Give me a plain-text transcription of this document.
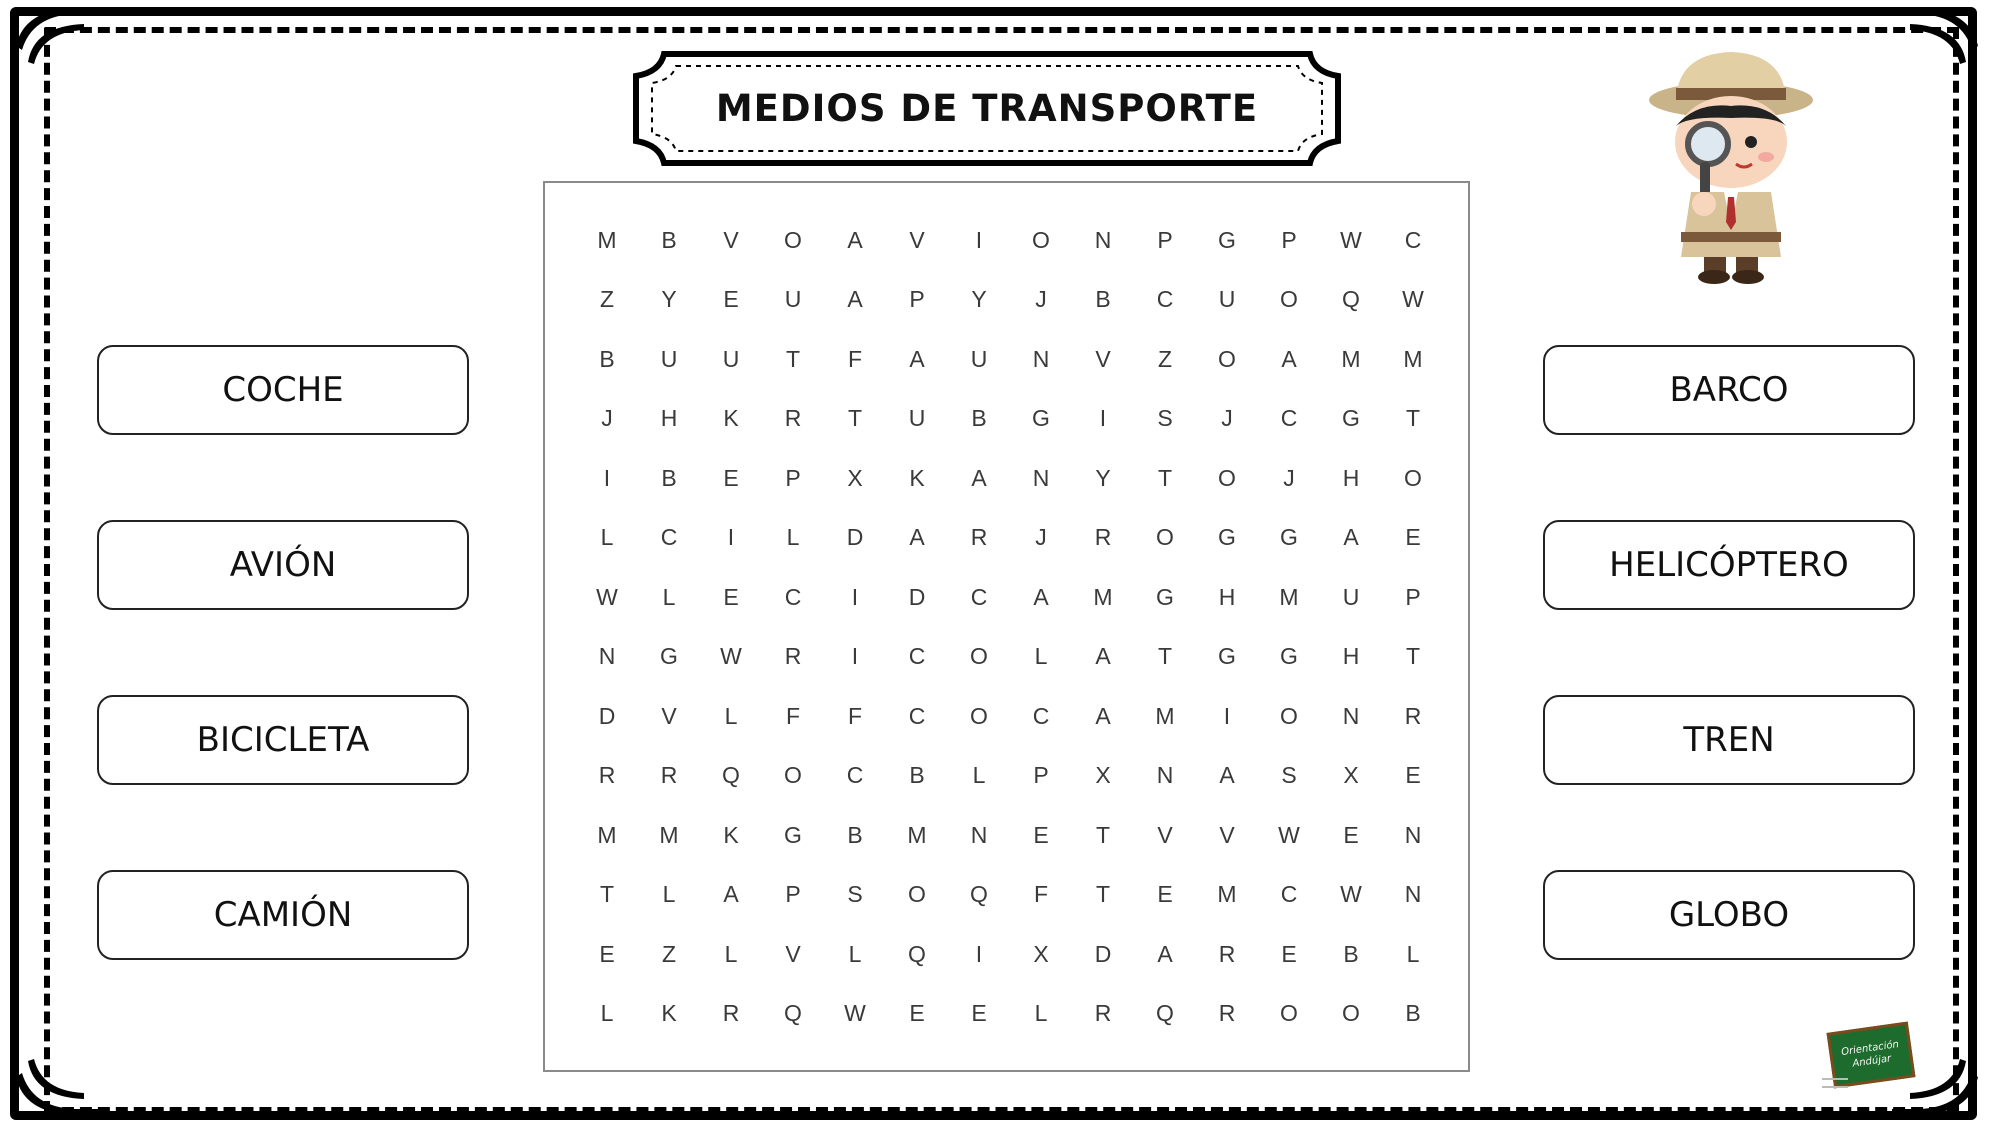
MEDIOS DE TRANSPORTE
M	B	V	O	A	V	I	O	N	P	G	P	W	C
Z	Y	E	U	A	P	Y	J	B	C	U	O	Q	W
B	U	U	T	F	A	U	N	V	Z	O	A	M	M
J	H	K	R	T	U	B	G	I	S	J	C	G	T
I	B	E	P	X	K	A	N	Y	T	O	J	H	O
L	C	I	L	D	A	R	J	R	O	G	G	A	E
W	L	E	C	I	D	C	A	M	G	H	M	U	P
N	G	W	R	I	C	O	L	A	T	G	G	H	T
D	V	L	F	F	C	O	C	A	M	I	O	N	R
R	R	Q	O	C	B	L	P	X	N	A	S	X	E
M	M	K	G	B	M	N	E	T	V	V	W	E	N
T	L	A	P	S	O	Q	F	T	E	M	C	W	N
E	Z	L	V	L	Q	I	X	D	A	R	E	B	L
L	K	R	Q	W	E	E	L	R	Q	R	O	O	B
COCHE
AVIÓN
BICICLETA
CAMIÓN
BARCO
HELICÓPTERO
TREN
GLOBO
Orientación
Andújar
